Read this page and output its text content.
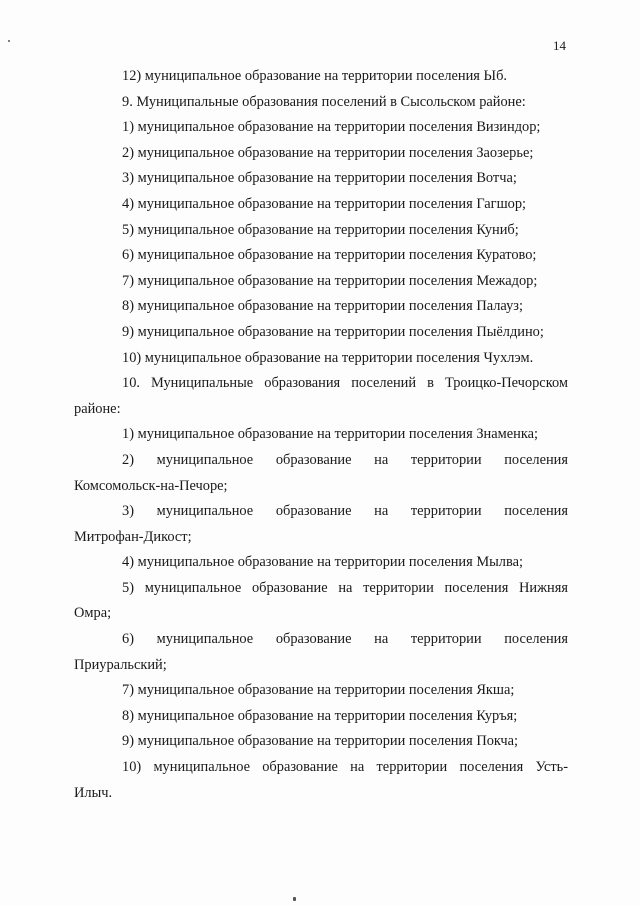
14
12) муниципальное образование на территории поселения Ыб.
9. Муниципальные образования поселений в Сысольском районе:
1) муниципальное образование на территории поселения Визиндор;
2) муниципальное образование на территории поселения Заозерье;
3) муниципальное образование на территории поселения Вотча;
4) муниципальное образование на территории поселения Гагшор;
5) муниципальное образование на территории поселения Куниб;
6) муниципальное образование на территории поселения Куратово;
7) муниципальное образование на территории поселения Межадор;
8) муниципальное образование на территории поселения Палауз;
9) муниципальное образование на территории поселения Пыёлдино;
10) муниципальное образование на территории поселения Чухлэм.
10. Муниципальные образования поселений в Троицко-Печорском
районе:
1) муниципальное образование на территории поселения Знаменка;
2) муниципальное образование на территории поселения
Комсомольск-на-Печоре;
3) муниципальное образование на территории поселения
Митрофан-Дикост;
4) муниципальное образование на территории поселения Мылва;
5) муниципальное образование на территории поселения Нижняя
Омра;
6) муниципальное образование на территории поселения
Приуральский;
7) муниципальное образование на территории поселения Якша;
8) муниципальное образование на территории поселения Куръя;
9) муниципальное образование на территории поселения Покча;
10) муниципальное образование на территории поселения Усть-
Илыч.
